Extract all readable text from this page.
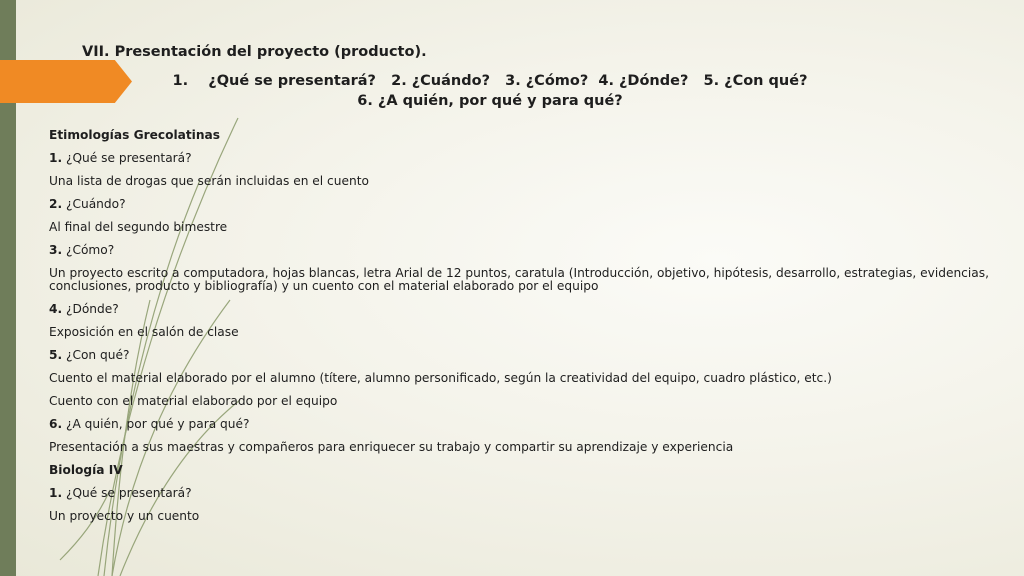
VII. Presentación del proyecto (producto).
1.    ¿Qué se presentará?   2. ¿Cuándo?   3. ¿Cómo?  4. ¿Dónde?   5. ¿Con qué?
6. ¿A quién, por qué y para qué?
Etimologías Grecolatinas
1. ¿Qué se presentará?
Una lista de drogas que serán incluidas en el cuento
2. ¿Cuándo?
Al final del segundo bimestre
3. ¿Cómo?
Un proyecto escrito a computadora, hojas blancas, letra Arial de 12 puntos, caratula (Introducción, objetivo, hipótesis, desarrollo, estrategias, evidencias, conclusiones, producto y bibliografía) y un cuento con el material elaborado por el equipo
4. ¿Dónde?
Exposición en el salón de clase
5. ¿Con qué?
Cuento el material elaborado por el alumno (títere, alumno personificado, según la creatividad del equipo, cuadro plástico, etc.)
Cuento con el material elaborado por el equipo
6. ¿A quién, por qué y para qué?
Presentación a sus maestras y compañeros para enriquecer su trabajo y compartir su aprendizaje y experiencia
Biología IV
1. ¿Qué se presentará?
Un proyecto y un cuento
